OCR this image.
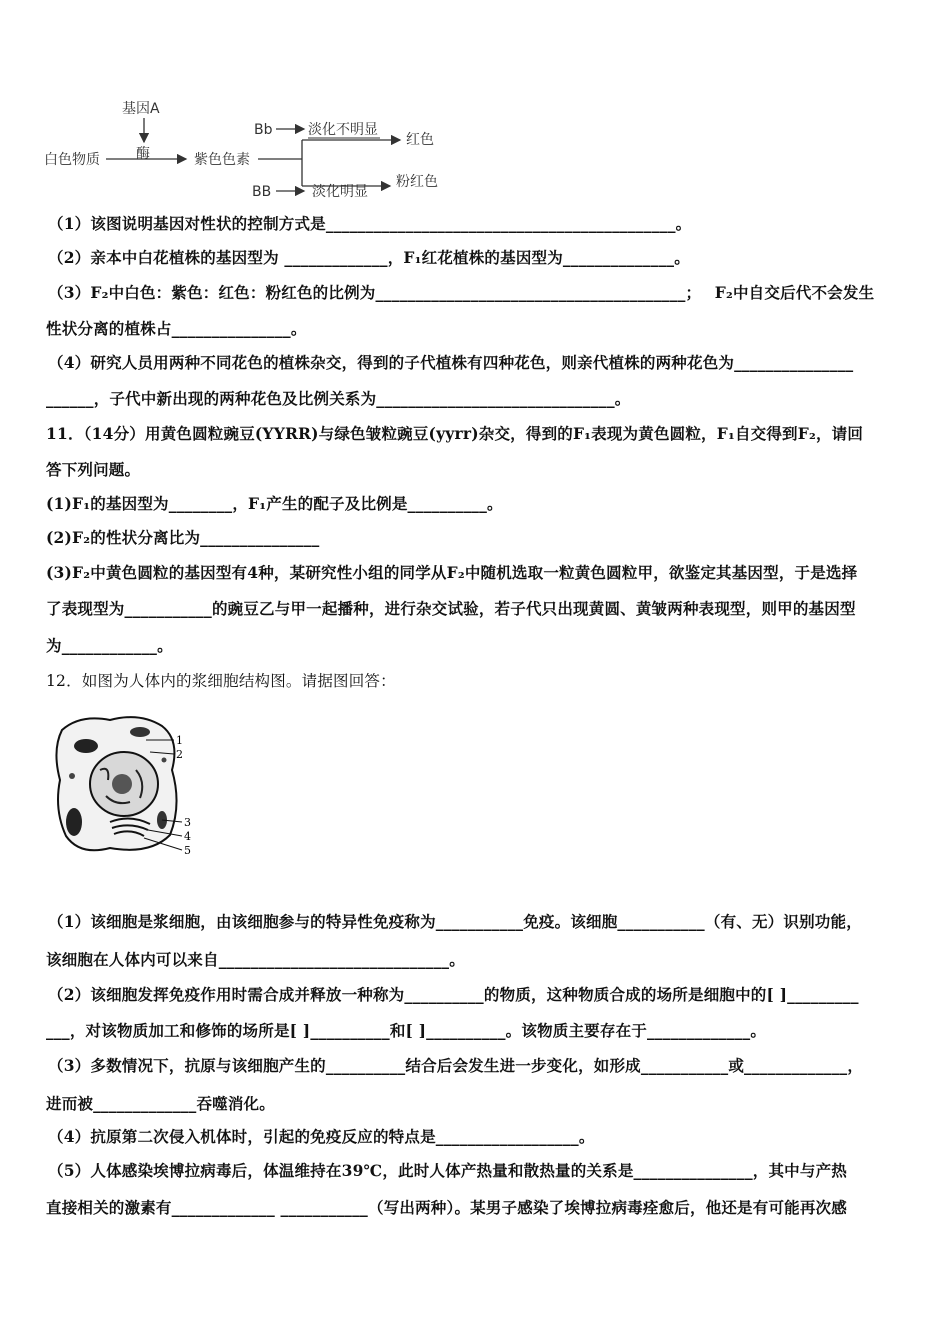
基因A
酶
白色物质	紫色色素
Bb	淡化不明显
红色
BB	淡化明显
粉红色
（1）该图说明基因对性状的控制方式是____________________________________________。
（2）亲本中白花植株的基因型为 _____________，F₁红花植株的基因型为______________。
（3）F₂中白色：紫色：红色：粉红色的比例为_______________________________________；　 F₂中自交后代不会发生
性状分离的植株占_______________。
（4）研究人员用两种不同花色的植株杂交，得到的子代植株有四种花色，则亲代植株的两种花色为_______________
______，子代中新出现的两种花色及比例关系为______________________________。
11．（14分）用黄色圆粒豌豆(YYRR)与绿色皱粒豌豆(yyrr)杂交，得到的F₁表现为黄色圆粒，F₁自交得到F₂，请回
答下列问题。
(1)F₁的基因型为________，F₁产生的配子及比例是__________。
(2)F₂的性状分离比为_______________
(3)F₂中黄色圆粒的基因型有4种，某研究性小组的同学从F₂中随机选取一粒黄色圆粒甲，欲鉴定其基因型，于是选择
了表现型为___________的豌豆乙与甲一起播种，进行杂交试验，若子代只出现黄圆、黄皱两种表现型，则甲的基因型
为____________。
12．如图为人体内的浆细胞结构图。请据图回答：
1
2
3
4
5
（1）该细胞是浆细胞，由该细胞参与的特异性免疫称为___________免疫。该细胞___________（有、无）识别功能，
该细胞在人体内可以来自_____________________________。
（2）该细胞发挥免疫作用时需合成并释放一种称为__________的物质，这种物质合成的场所是细胞中的[ ]_________
___，对该物质加工和修饰的场所是[ ]__________和[ ]__________。该物质主要存在于_____________。
（3）多数情况下，抗原与该细胞产生的__________结合后会发生进一步变化，如形成___________或_____________，
进而被_____________吞噬消化。
（4）抗原第二次侵入机体时，引起的免疫反应的特点是__________________。
（5）人体感染埃博拉病毒后，体温维持在39℃，此时人体产热量和散热量的关系是_______________，其中与产热
直接相关的激素有_____________ ___________（写出两种）。某男子感染了埃博拉病毒痊愈后，他还是有可能再次感
